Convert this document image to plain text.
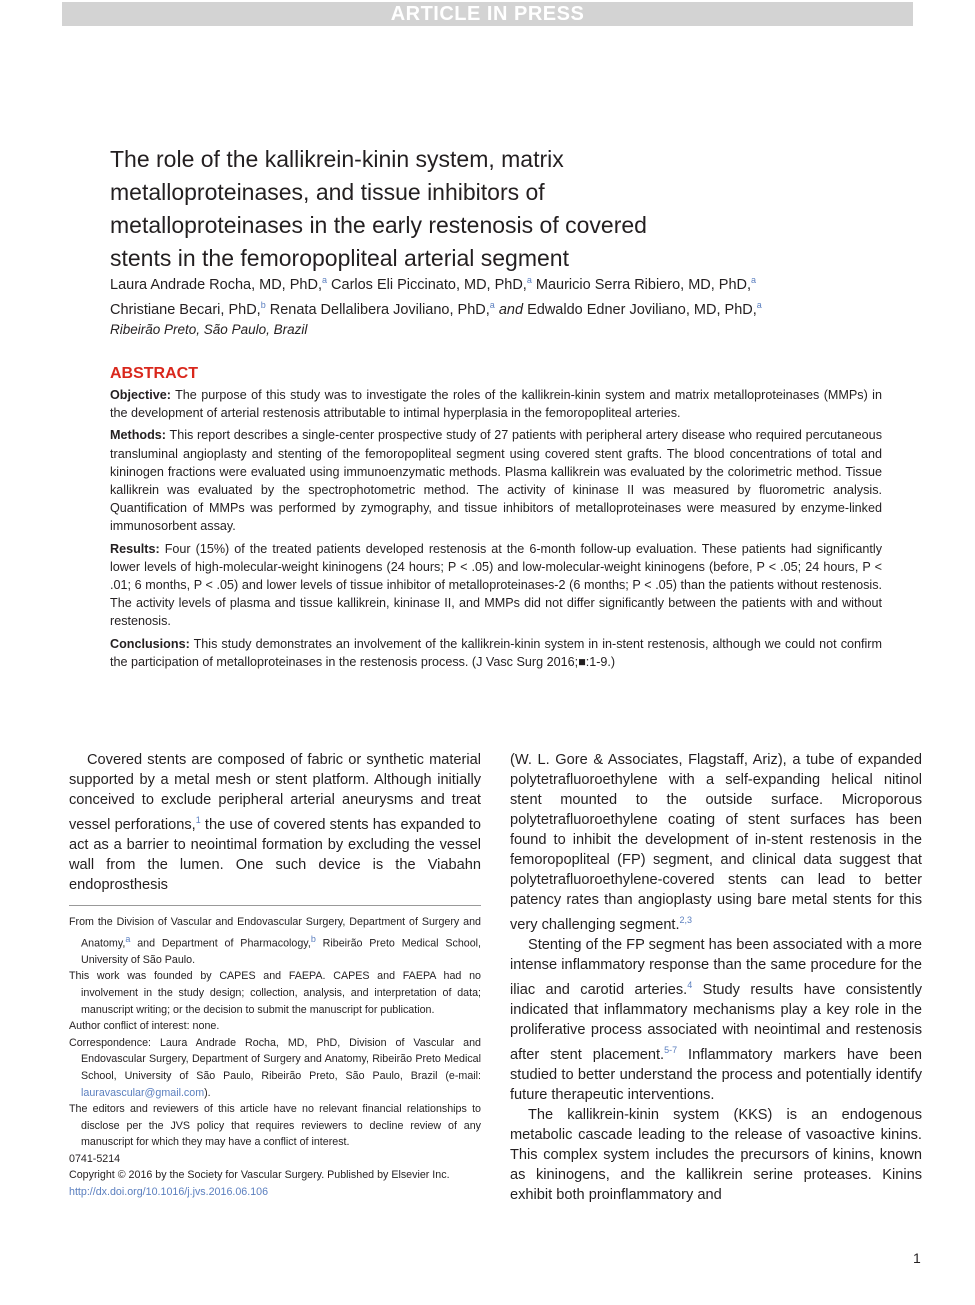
ARTICLE IN PRESS
The role of the kallikrein-kinin system, matrix
metalloproteinases, and tissue inhibitors of
metalloproteinases in the early restenosis of covered
stents in the femoropopliteal arterial segment
Laura Andrade Rocha, MD, PhD,$^a$ Carlos Eli Piccinato, MD, PhD,$^a$ Mauricio Serra Ribiero, MD, PhD,$^a$
Christiane Becari, PhD,$^b$ Renata Dellalibera Joviliano, PhD,$^a$ and Edwaldo Edner Joviliano, MD, PhD,$^a$
Ribeirão Preto, São Paulo, Brazil
ABSTRACT

Objective: The purpose of this study was to investigate the roles of the kallikrein-kinin system and matrix metalloproteinases (MMPs) in the development of arterial restenosis attributable to intimal hyperplasia in the femoropopliteal arteries.

Methods: This report describes a single-center prospective study of 27 patients with peripheral artery disease who required percutaneous transluminal angioplasty and stenting of the femoropopliteal segment using covered stent grafts. The blood concentrations of total and kininogen fractions were evaluated using immunoenzymatic methods. Plasma kallikrein was evaluated by the colorimetric method. Tissue kallikrein was evaluated by the spectrophotometric method. The activity of kininase II was measured by fluorometric analysis. Quantification of MMPs was performed by zymography, and tissue inhibitors of metalloproteinases were measured by enzyme-linked immunosorbent assay.

Results: Four (15%) of the treated patients developed restenosis at the 6-month follow-up evaluation. These patients had significantly lower levels of high-molecular-weight kininogens (24 hours; P < .05) and low-molecular-weight kininogens (before, P < .05; 24 hours, P < .01; 6 months, P < .05) and lower levels of tissue inhibitor of metalloproteinases-2 (6 months; P < .05) than the patients without restenosis. The activity levels of plasma and tissue kallikrein, kininase II, and MMPs did not differ significantly between the patients with and without restenosis.

Conclusions: This study demonstrates an involvement of the kallikrein-kinin system in in-stent restenosis, although we could not confirm the participation of metalloproteinases in the restenosis process. (J Vasc Surg 2016;■:1-9.)

Covered stents are composed of fabric or synthetic material supported by a metal mesh or stent platform. Although initially conceived to exclude peripheral arterial aneurysms and treat vessel perforations,$^1$ the use of covered stents has expanded to act as a barrier to neointimal formation by excluding the vessel wall from the lumen. One such device is the Viabahn endoprosthesis

(W. L. Gore & Associates, Flagstaff, Ariz), a tube of expanded polytetrafluoroethylene with a self-expanding helical nitinol stent mounted to the outside surface. Microporous polytetrafluoroethylene coating of stent surfaces has been found to inhibit the development of in-stent restenosis in the femoropopliteal (FP) segment, and clinical data suggest that polytetrafluoroethylene-covered stents can lead to better patency rates than angioplasty using bare metal stents for this very challenging segment.$^{2,3}$

Stenting of the FP segment has been associated with a more intense inflammatory response than the same procedure for the iliac and carotid arteries.$^4$ Study results have consistently indicated that inflammatory mechanisms play a key role in the proliferative process associated with neointimal and restenosis after stent placement.$^{5-7}$ Inflammatory markers have been studied to better understand the process and potentially identify future therapeutic interventions.

The kallikrein-kinin system (KKS) is an endogenous metabolic cascade leading to the release of vasoactive kinins. This complex system includes the precursors of kinins, known as kininogens, and the kallikrein serine proteases. Kinins exhibit both proinflammatory and

From the Division of Vascular and Endovascular Surgery, Department of Surgery and Anatomy,$^a$ and Department of Pharmacology,$^b$ Ribeirão Preto Medical School, University of São Paulo.

This work was founded by CAPES and FAEPA. CAPES and FAEPA had no involvement in the study design; collection, analysis, and interpretation of data; manuscript writing; or the decision to submit the manuscript for publication.

Author conflict of interest: none.

Correspondence: Laura Andrade Rocha, MD, PhD, Division of Vascular and Endovascular Surgery, Department of Surgery and Anatomy, Ribeirão Preto Medical School, University of São Paulo, Ribeirão Preto, São Paulo, Brazil (e-mail: lauravascular@gmail.com).

The editors and reviewers of this article have no relevant financial relationships to disclose per the JVS policy that requires reviewers to decline review of any manuscript for which they may have a conflict of interest.

0741-5214

Copyright © 2016 by the Society for Vascular Surgery. Published by Elsevier Inc.

http://dx.doi.org/10.1016/j.jvs.2016.06.106

1
